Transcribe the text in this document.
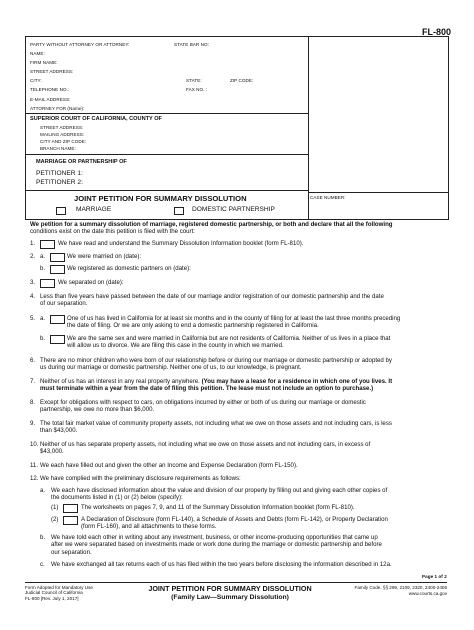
FL-800
PARTY WITHOUT ATTORNEY OR ATTORNEY:	STATE BAR NO:
NAME:
FIRM NAME:
STREET ADDRESS:
CITY:	STATE:	ZIP CODE:
TELEPHONE NO.:	FAX NO. :
E-MAIL ADDRESS:
ATTORNEY FOR (Name):
SUPERIOR COURT OF CALIFORNIA, COUNTY OF
STREET ADDRESS:
MAILING ADDRESS:
CITY AND ZIP CODE:
BRANCH NAME:
MARRIAGE OR PARTNERSHIP OF
PETITIONER 1:
PETITIONER 2:
JOINT PETITION FOR SUMMARY DISSOLUTION
MARRIAGE	DOMESTIC PARTNERSHIP
CASE NUMBER:
We petition for a summary dissolution of marriage, registered domestic partnership, or both and declare that all the following
conditions exist on the date this petition is filed with the court:
1.	We have read and understand the Summary Dissolution Information booklet (form FL-810).
2. a.	We were married on (date):
b.	We registered as domestic partners on (date):
3.	We separated on (date):
4. Less than five years have passed between the date of our marriage and/or registration of our domestic partnership and the date
of our separation.
5. a.	One of us has lived in California for at least six months and in the county of filing for at least the last three months preceding
the date of filing. Or we are only asking to end a domestic partnership registered in California.
b.	We are the same sex and were married in California but are not residents of California. Neither of us lives in a place that
will allow us to divorce. We are filing this case in the county in which we married.
6. There are no minor children who were born of our relationship before or during our marriage or domestic partnership or adopted by
us during our marriage or domestic partnership. Neither one of us, to our knowledge, is pregnant.
7. Neither of us has an interest in any real property anywhere. (You may have a lease for a residence in which one of you lives. It
must terminate within a year from the date of filing this petition. The lease must not include an option to purchase.)
8. Except for obligations with respect to cars, on obligations incurred by either or both of us during our marriage or domestic
partnership, we owe no more than $6,000.
9. The total fair market value of community property assets, not including what we owe on those assets and not including cars, is less
than $43,000.
10. Neither of us has separate property assets, not including what we owe on those assets and not including cars, in excess of
$43,000.
11. We each have filled out and given the other an Income and Expense Declaration (form FL-150).
12. We have complied with the preliminary disclosure requirements as follows:
a. We each have disclosed information about the value and division of our property by filling out and giving each other copies of
the documents listed in (1) or (2) below (specify):
(1)	The worksheets on pages 7, 9, and 11 of the Summary Dissolution Information booklet (form FL-810).
(2)	A Declaration of Disclosure (form FL-140), a Schedule of Assets and Debts (form FL-142), or Property Declaration
(form FL-160), and all attachments to these forms.
b. We have told each other in writing about any investment, business, or other income-producing opportunities that came up
after we were separated based on investments made or work done during the marriage or domestic partnership and before
our separation.
c. We have exchanged all tax returns each of us has filed within the two years before disclosing the information described in 12a.
Page 1 of 2
Form Adopted for Mandatory Use
Judicial Council of California
FL-800 [Rev. July 1, 2017]
JOINT PETITION FOR SUMMARY DISSOLUTION
(Family Law—Summary Dissolution)
Family Code, §§ 299, 2109, 2320, 2400-2406
www.courts.ca.gov
